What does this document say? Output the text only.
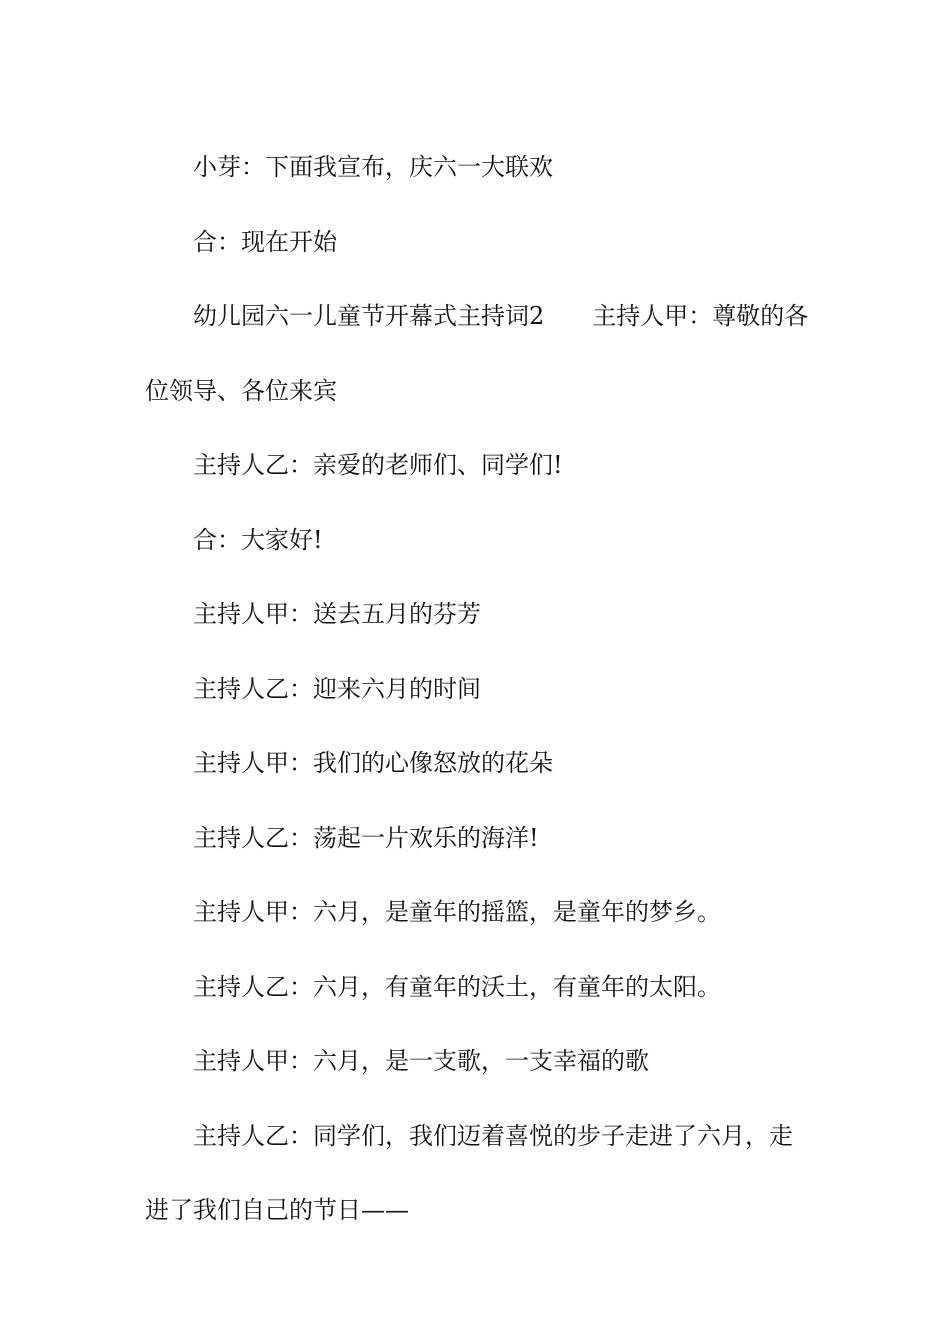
小芽：下面我宣布，庆六一大联欢

合：现在开始

幼儿园六一儿童节开幕式主持词2　　主持人甲：尊敬的各位领导、各位来宾

主持人乙：亲爱的老师们、同学们!

合：大家好!

主持人甲：送去五月的芬芳

主持人乙：迎来六月的时间

主持人甲：我们的心像怒放的花朵

主持人乙：荡起一片欢乐的海洋!

主持人甲：六月，是童年的摇篮，是童年的梦乡。

主持人乙：六月，有童年的沃土，有童年的太阳。

主持人甲：六月，是一支歌，一支幸福的歌

主持人乙：同学们，我们迈着喜悦的步子走进了六月，走进了我们自己的节日——
